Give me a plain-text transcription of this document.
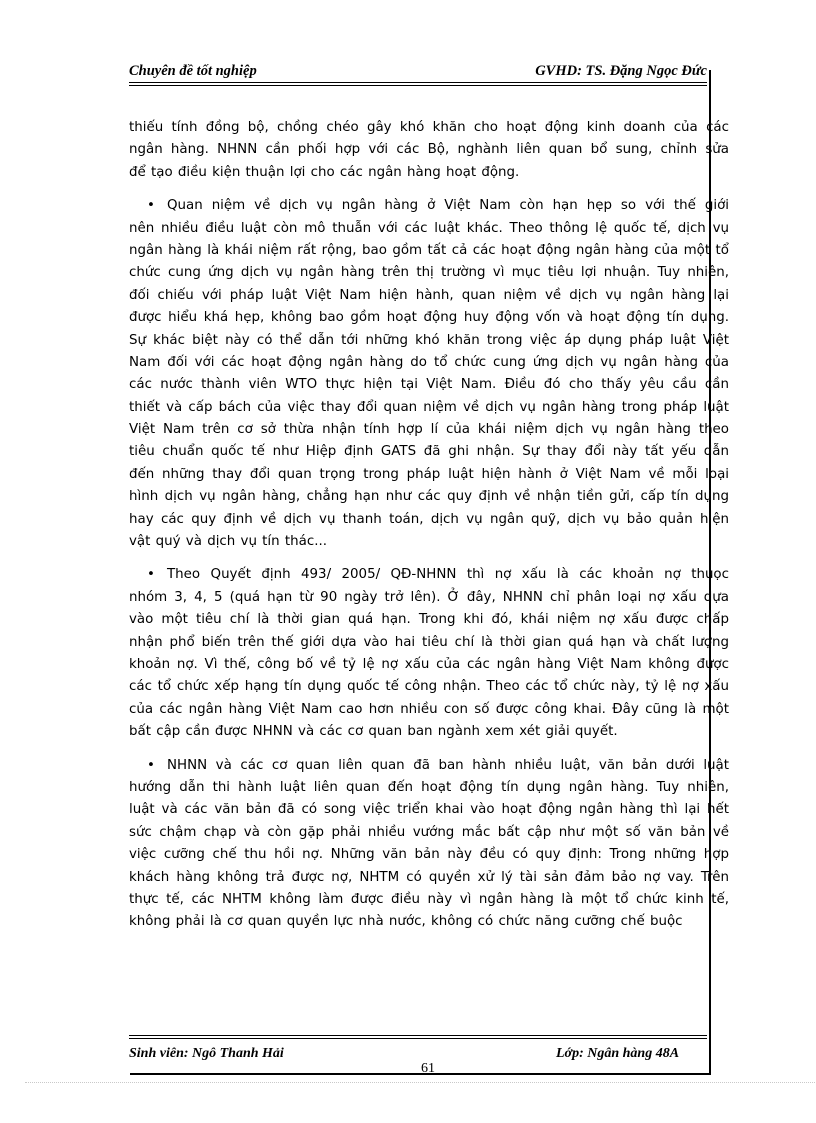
Chuyên đề tốt nghiệp	GVHD: TS. Đặng Ngọc Đức
thiếu tính đồng bộ, chồng chéo gây khó khăn cho hoạt động kinh doanh của các
ngân hàng. NHNN cần phối hợp với các Bộ, nghành liên quan bổ sung, chỉnh sửa
để tạo điều kiện thuận lợi cho các ngân hàng hoạt động.
• Quan niệm về dịch vụ ngân hàng ở Việt Nam còn hạn hẹp so với thế giới
nên nhiều điều luật còn mô thuẫn với các luật khác. Theo thông lệ quốc tế, dịch vụ
ngân hàng là khái niệm rất rộng, bao gồm tất cả các hoạt động ngân hàng của một tổ
chức cung ứng dịch vụ ngân hàng trên thị trường vì mục tiêu lợi nhuận. Tuy nhiên,
đối chiếu với pháp luật Việt Nam hiện hành, quan niệm về dịch vụ ngân hàng lại
được hiểu khá hẹp, không bao gồm hoạt động huy động vốn và hoạt động tín dụng.
Sự khác biệt này có thể dẫn tới những khó khăn trong việc áp dụng pháp luật Việt
Nam đối với các hoạt động ngân hàng do tổ chức cung ứng dịch vụ ngân hàng của
các nước thành viên WTO thực hiện tại Việt Nam. Điều đó cho thấy yêu cầu cần
thiết và cấp bách của việc thay đổi quan niệm về dịch vụ ngân hàng trong pháp luật
Việt Nam trên cơ sở thừa nhận tính hợp lí của khái niệm dịch vụ ngân hàng theo
tiêu chuẩn quốc tế như Hiệp định GATS đã ghi nhận. Sự thay đổi này tất yếu dẫn
đến những thay đổi quan trọng trong pháp luật hiện hành ở Việt Nam về mỗi loại
hình dịch vụ ngân hàng, chẳng hạn như các quy định về nhận tiền gửi, cấp tín dụng
hay các quy định về dịch vụ thanh toán, dịch vụ ngân quỹ, dịch vụ bảo quản hiện
vật quý và dịch vụ tín thác...
• Theo Quyết định 493/ 2005/ QĐ-NHNN thì nợ xấu là các khoản nợ thuọc
nhóm 3, 4, 5 (quá hạn từ 90 ngày trở lên). Ở đây, NHNN chỉ phân loại nợ xấu dựa
vào một tiêu chí là thời gian quá hạn. Trong khi đó, khái niệm nợ xấu được chấp
nhận phổ biến trên thế giới dựa vào hai tiêu chí là thời gian quá hạn và chất lượng
khoản nợ. Vì thế, công bố về tỷ lệ nợ xấu của các ngân hàng Việt Nam không được
các tổ chức xếp hạng tín dụng quốc tế công nhận. Theo các tổ chức này, tỷ lệ nợ xấu
của các ngân hàng Việt Nam cao hơn nhiều con số được công khai. Đây cũng là một
bất cập cần được NHNN và các cơ quan ban ngành xem xét giải quyết.
• NHNN và các cơ quan liên quan đã ban hành nhiều luật, văn bản dưới luật
hướng dẫn thi hành luật liên quan đến hoạt động tín dụng ngân hàng. Tuy nhiên,
luật và các văn bản đã có song việc triển khai vào hoạt động ngân hàng thì lại hết
sức chậm chạp và còn gặp phải nhiều vướng mắc bất cập như một số văn bản về
việc cưỡng chế thu hồi nợ. Những văn bản này đều có quy định: Trong những hợp
khách hàng không trả được nợ, NHTM có quyền xử lý tài sản đảm bảo nợ vay. Trên
thực tế, các NHTM không làm được điều này vì ngân hàng là một tổ chức kinh tế,
không phải là cơ quan quyền lực nhà nước, không có chức năng cưỡng chế buộc
Sinh viên: Ngô Thanh Hải	Lớp: Ngân hàng 48A
61
